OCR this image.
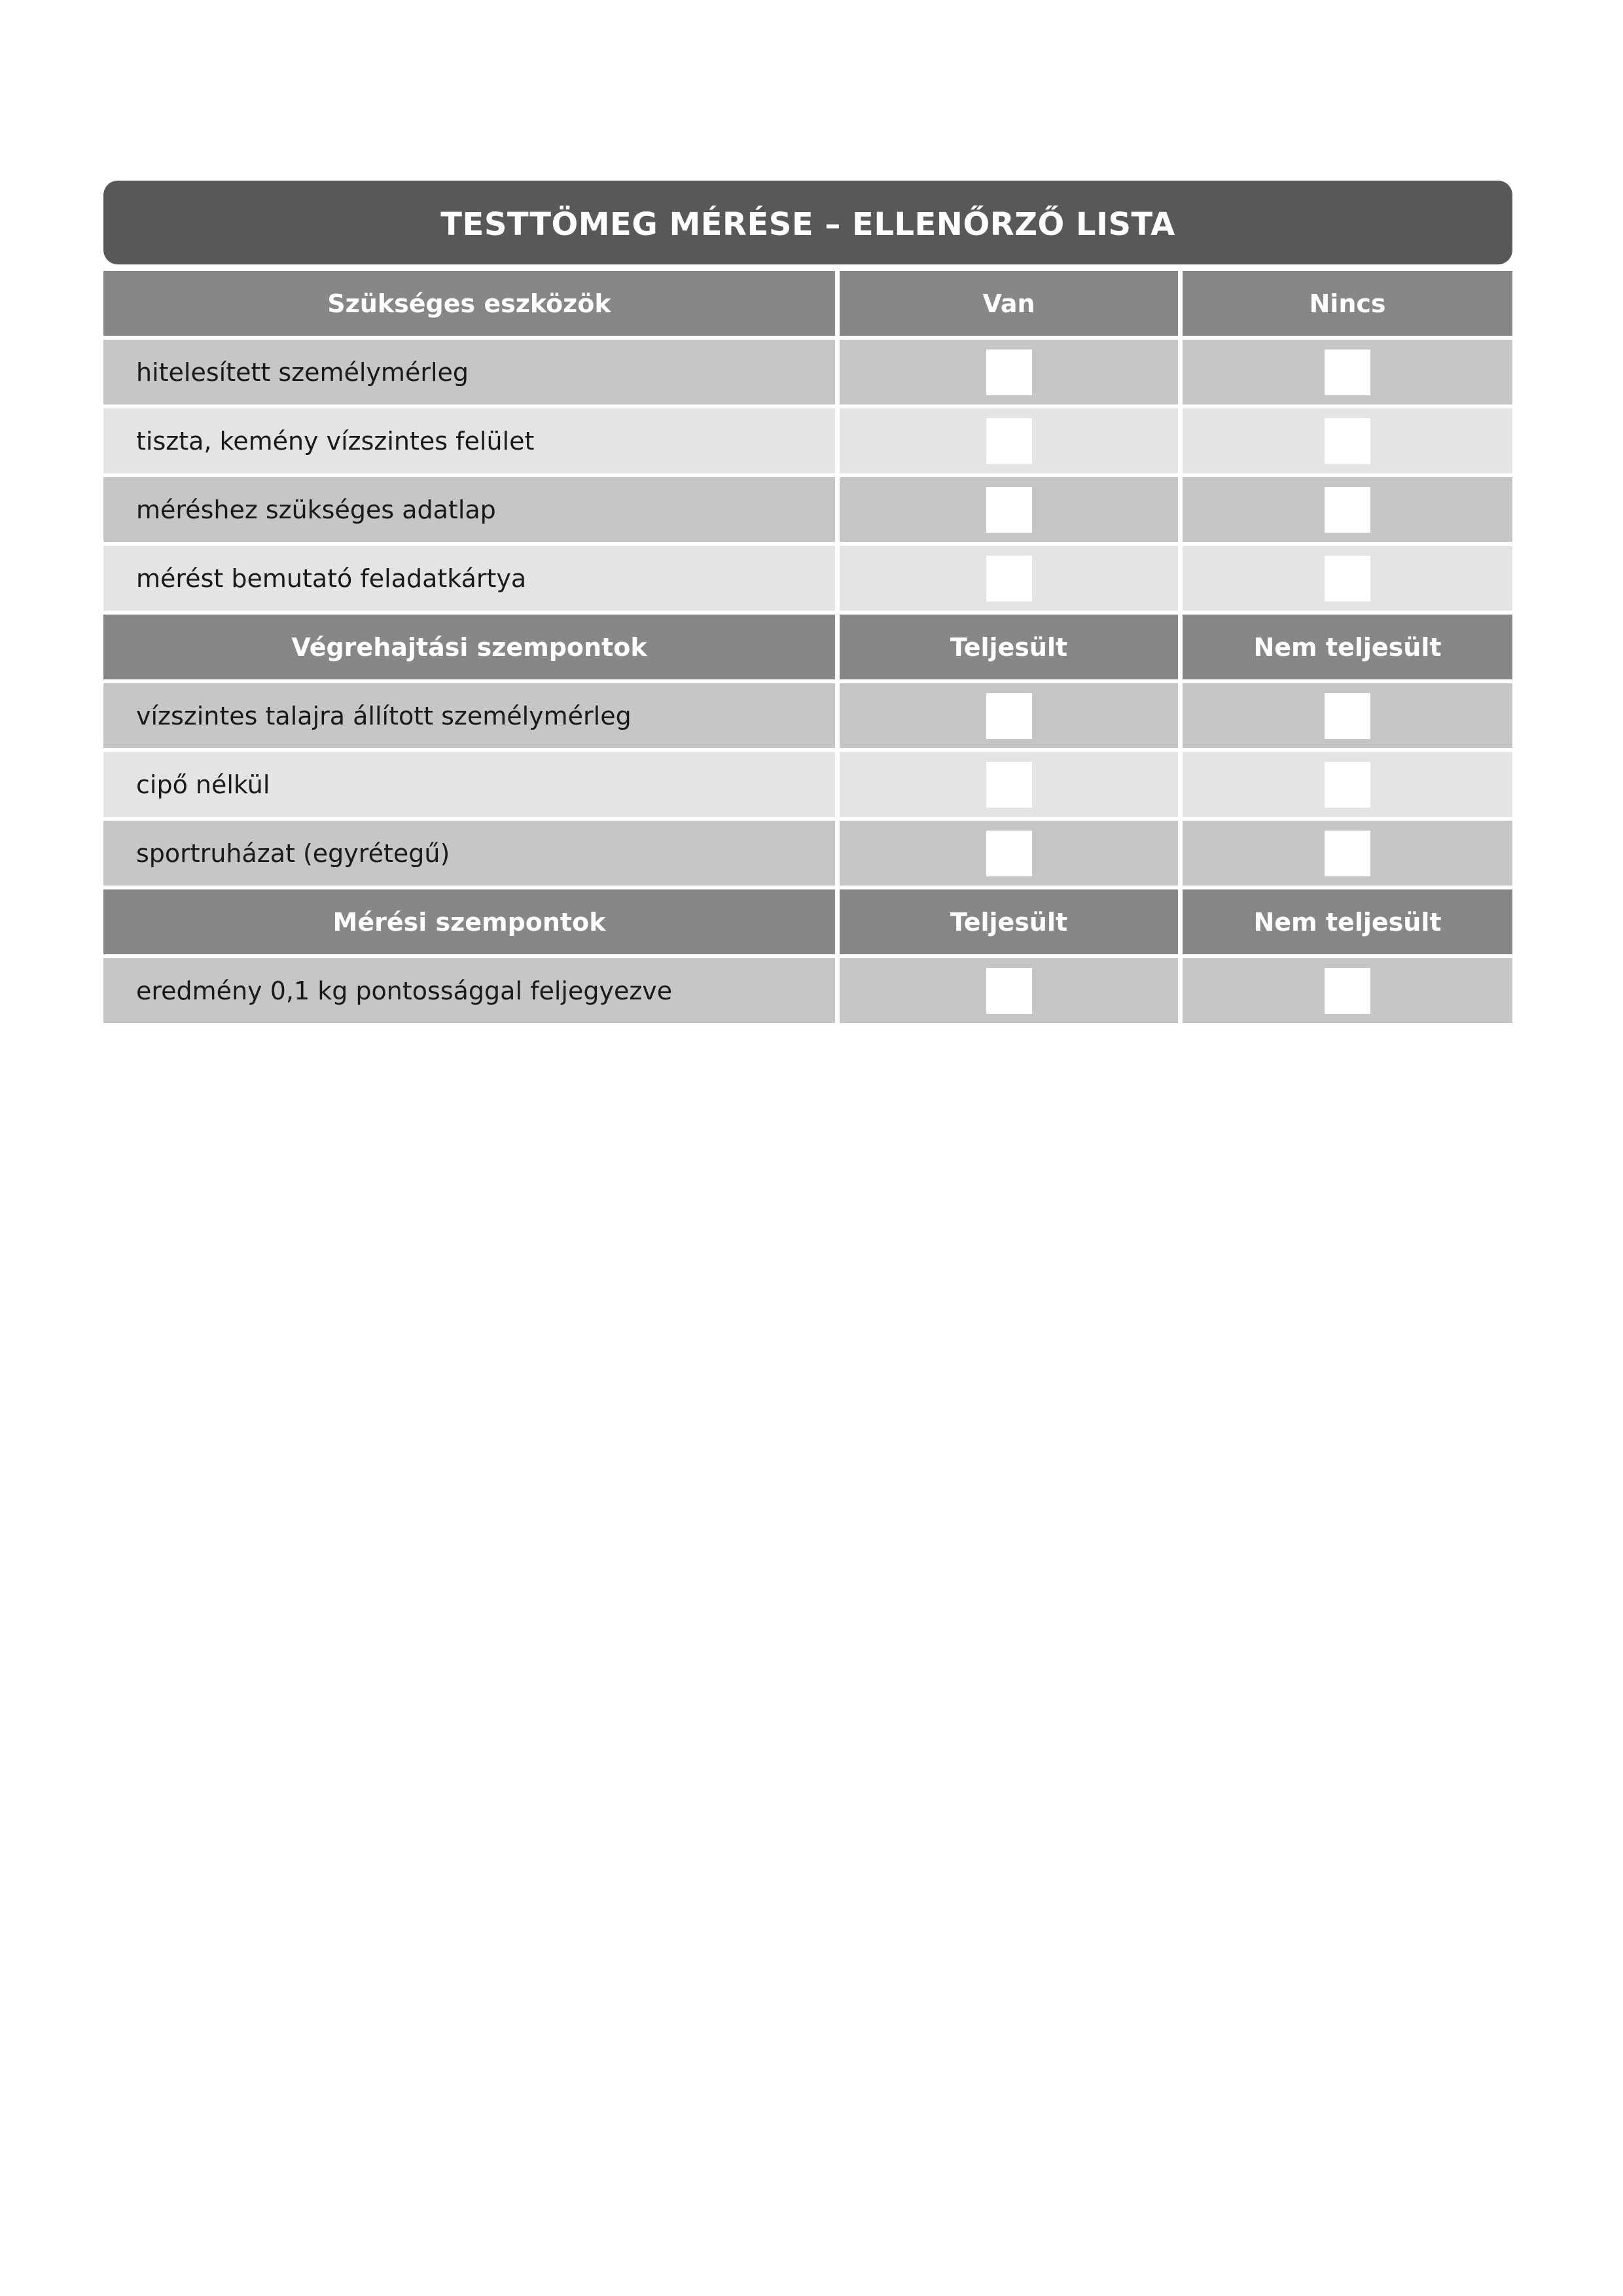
TESTTÖMEG MÉRÉSE – ELLENŐRZŐ LISTA
Szükséges eszközök	Van	Nincs
hitelesített személymérleg
tiszta, kemény vízszintes felület
méréshez szükséges adatlap
mérést bemutató feladatkártya
Végrehajtási szempontok	Teljesült	Nem teljesült
vízszintes talajra állított személymérleg
cipő nélkül
sportruházat (egyrétegű)
Mérési szempontok	Teljesült	Nem teljesült
eredmény 0,1 kg pontossággal feljegyezve
